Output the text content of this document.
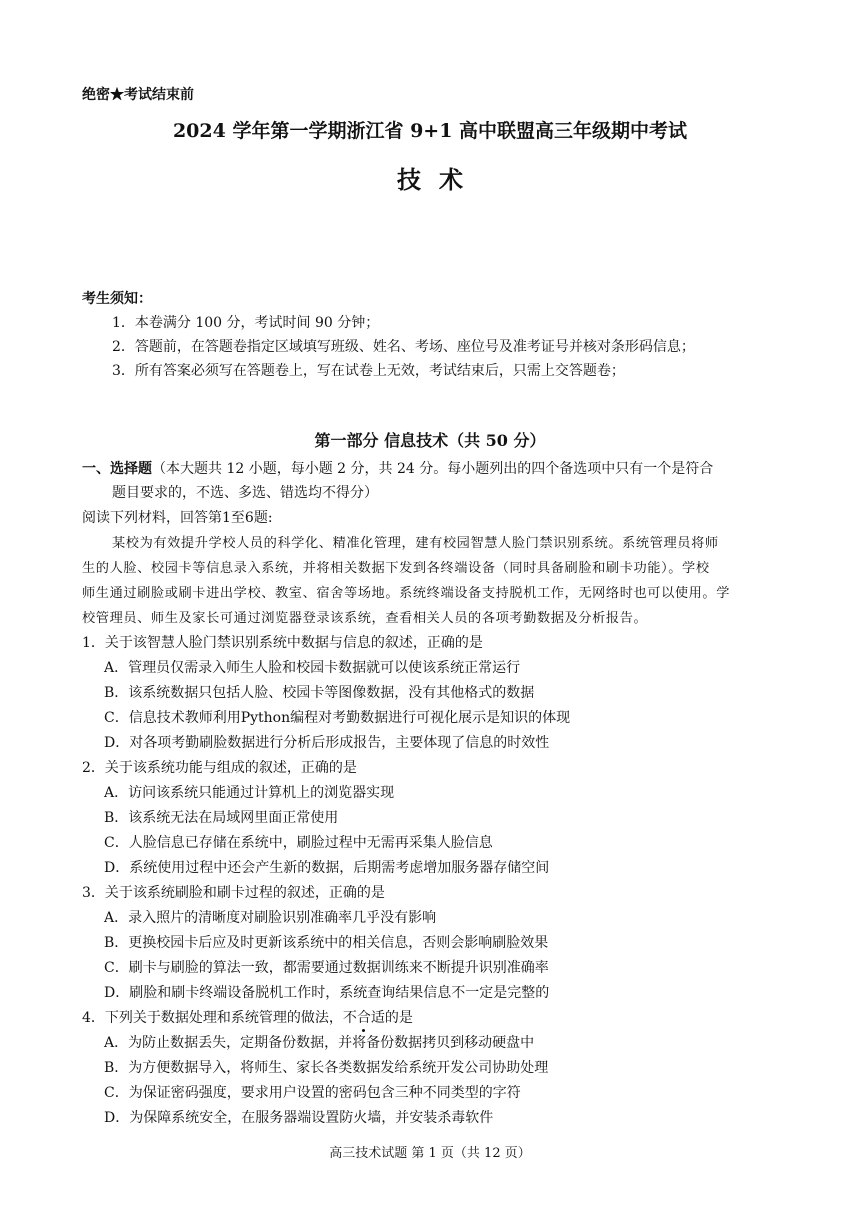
绝密★考试结束前
2024 学年第一学期浙江省 9+1 高中联盟高三年级期中考试
技术
考生须知：
1．本卷满分 100 分，考试时间 90 分钟；
2．答题前，在答题卷指定区域填写班级、姓名、考场、座位号及准考证号并核对条形码信息；
3．所有答案必须写在答题卷上，写在试卷上无效，考试结束后，只需上交答题卷；
第一部分 信息技术（共 50 分）
一、选择题（本大题共 12 小题，每小题 2 分，共 24 分。每小题列出的四个备选项中只有一个是符合
题目要求的，不选、多选、错选均不得分）
阅读下列材料，回答第1至6题:
某校为有效提升学校人员的科学化、精准化管理，建有校园智慧人脸门禁识别系统。系统管理员将师
生的人脸、校园卡等信息录入系统，并将相关数据下发到各终端设备（同时具备刷脸和刷卡功能）。学校
师生通过刷脸或刷卡进出学校、教室、宿舍等场地。系统终端设备支持脱机工作，无网络时也可以使用。学
校管理员、师生及家长可通过浏览器登录该系统，查看相关人员的各项考勤数据及分析报告。
1．关于该智慧人脸门禁识别系统中数据与信息的叙述，正确的是
A．管理员仅需录入师生人脸和校园卡数据就可以使该系统正常运行
B．该系统数据只包括人脸、校园卡等图像数据，没有其他格式的数据
C．信息技术教师利用Python编程对考勤数据进行可视化展示是知识的体现
D．对各项考勤刷脸数据进行分析后形成报告，主要体现了信息的时效性
2．关于该系统功能与组成的叙述，正确的是
A．访问该系统只能通过计算机上的浏览器实现
B．该系统无法在局域网里面正常使用
C．人脸信息已存储在系统中，刷脸过程中无需再采集人脸信息
D．系统使用过程中还会产生新的数据，后期需考虑增加服务器存储空间
3．关于该系统刷脸和刷卡过程的叙述，正确的是
A．录入照片的清晰度对刷脸识别准确率几乎没有影响
B．更换校园卡后应及时更新该系统中的相关信息，否则会影响刷脸效果
C．刷卡与刷脸的算法一致，都需要通过数据训练来不断提升识别准确率
D．刷脸和刷卡终端设备脱机工作时，系统查询结果信息不一定是完整的
4．下列关于数据处理和系统管理的做法，不合适的是
A．为防止数据丢失，定期备份数据，并将备份数据拷贝到移动硬盘中
B．为方便数据导入，将师生、家长各类数据发给系统开发公司协助处理
C．为保证密码强度，要求用户设置的密码包含三种不同类型的字符
D．为保障系统安全，在服务器端设置防火墙，并安装杀毒软件
高三技术试题 第 1 页（共 12 页）
